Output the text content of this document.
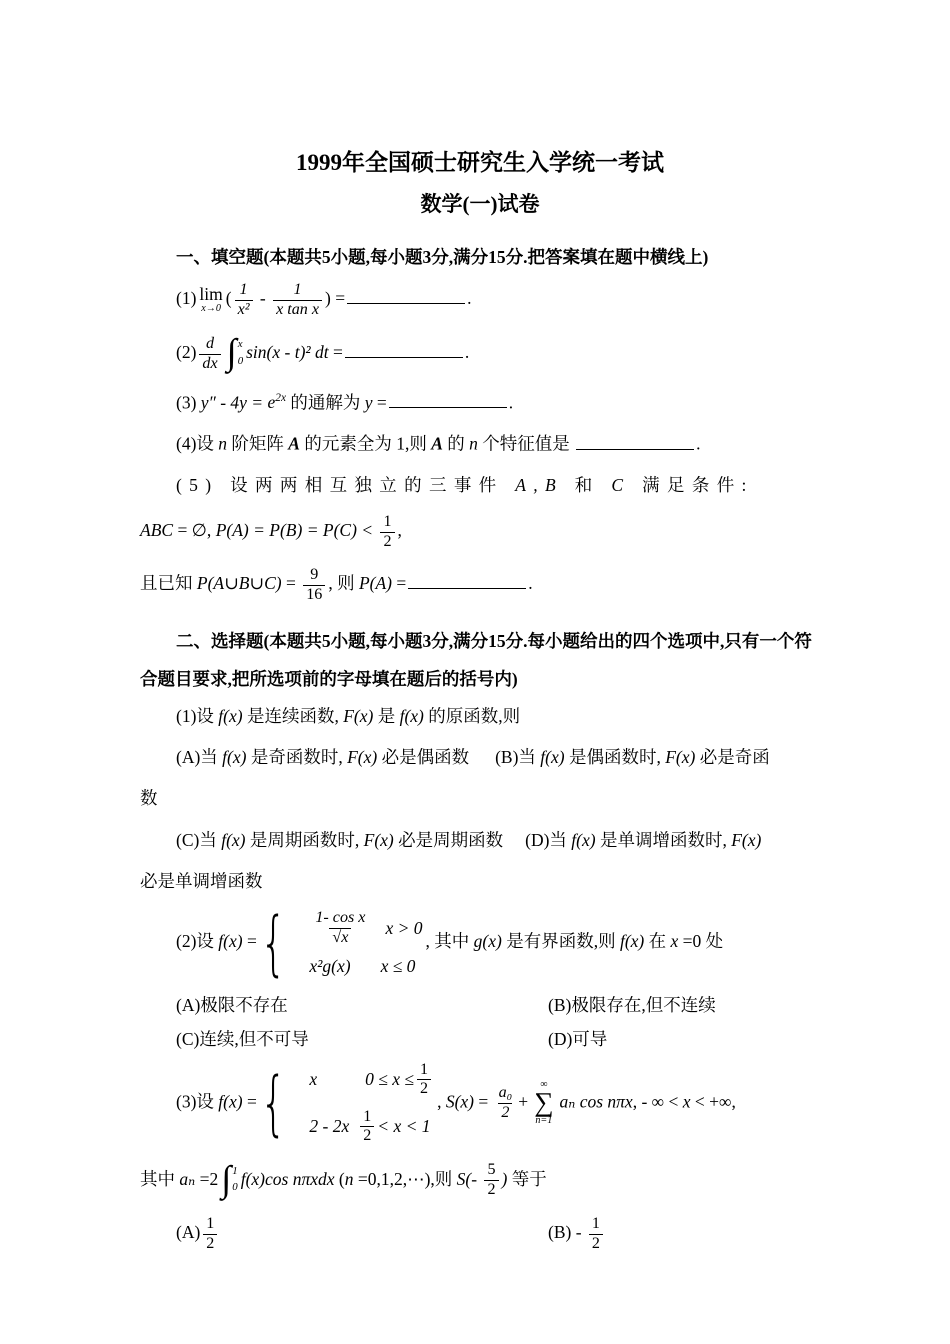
1999年全国硕士研究生入学统一考试
数学(一)试卷
一、填空题(本题共5小题,每小题3分,满分15分.把答案填在题中横线上)
(1) lim
x→0
( $\frac{1}{\text{x²}} - \frac{1}{\text{x tan x}}$ ) =	.
$(2) \frac{d}{dx}$ ∫ x
0 sin(x - t)² dt =	.
(3) $y'' - 4y = e^{2x}$ 的通解为 y =	.
(4)设 n 阶矩阵 A 的元素全为 1,则 A 的 n 个特征值是	.
(5) 设两两相互独立的三事件 A,B 和 C 满足条件:
ABC = ∅, $P(A) = P(B) = P(C) < \frac{1}{2}$ ,
且已知 P(A∪B∪C) = $\frac{9}{16}$ , 则 P(A) =	.
二、选择题(本题共5小题,每小题3分,满分15分.每小题给出的四个选项中,只有一个符
合题目要求,把所选项前的字母填在题后的括号内)
(1)设 f(x) 是连续函数, F(x) 是 f(x) 的原函数,则
(A)当 f(x) 是奇函数时, F(x) 必是偶函数 (B)当 f(x) 是偶函数时, F(x) 必是奇函
数
(C)当 f(x) 是周期函数时, F(x) 必是周期函数 (D)当 f(x) 是单调增函数时, F(x)
必是单调增函数
(2)设 f(x) = { $\frac{\text{1- cos x}}{√x}$ x > 0
x²g(x) x ≤ 0
, 其中 g(x) 是有界函数,则 f(x) 在 x =0 处
(A)极限不存在	(B)极限存在,但不连续
(C)连续,但不可导	(D)可导
(3)设 f(x) = { x	$0 \le x \le \frac{1}{2}$
$2 - 2x \frac{1}{2} < x < 1$
, $S(x) = \frac{\text{a₀}}{2}$ +
∞
∑
n=1
aₙ cos nπx, - ∞ < x < +∞,
其中 aₙ =2 ∫ 1
0 f(x)cos nπxdx (n =0,1,2,⋯),则 $S(- \frac{5}{2}$ ) 等于
$(A) \frac{1}{2}$	$(B) - \frac{1}{2}$
